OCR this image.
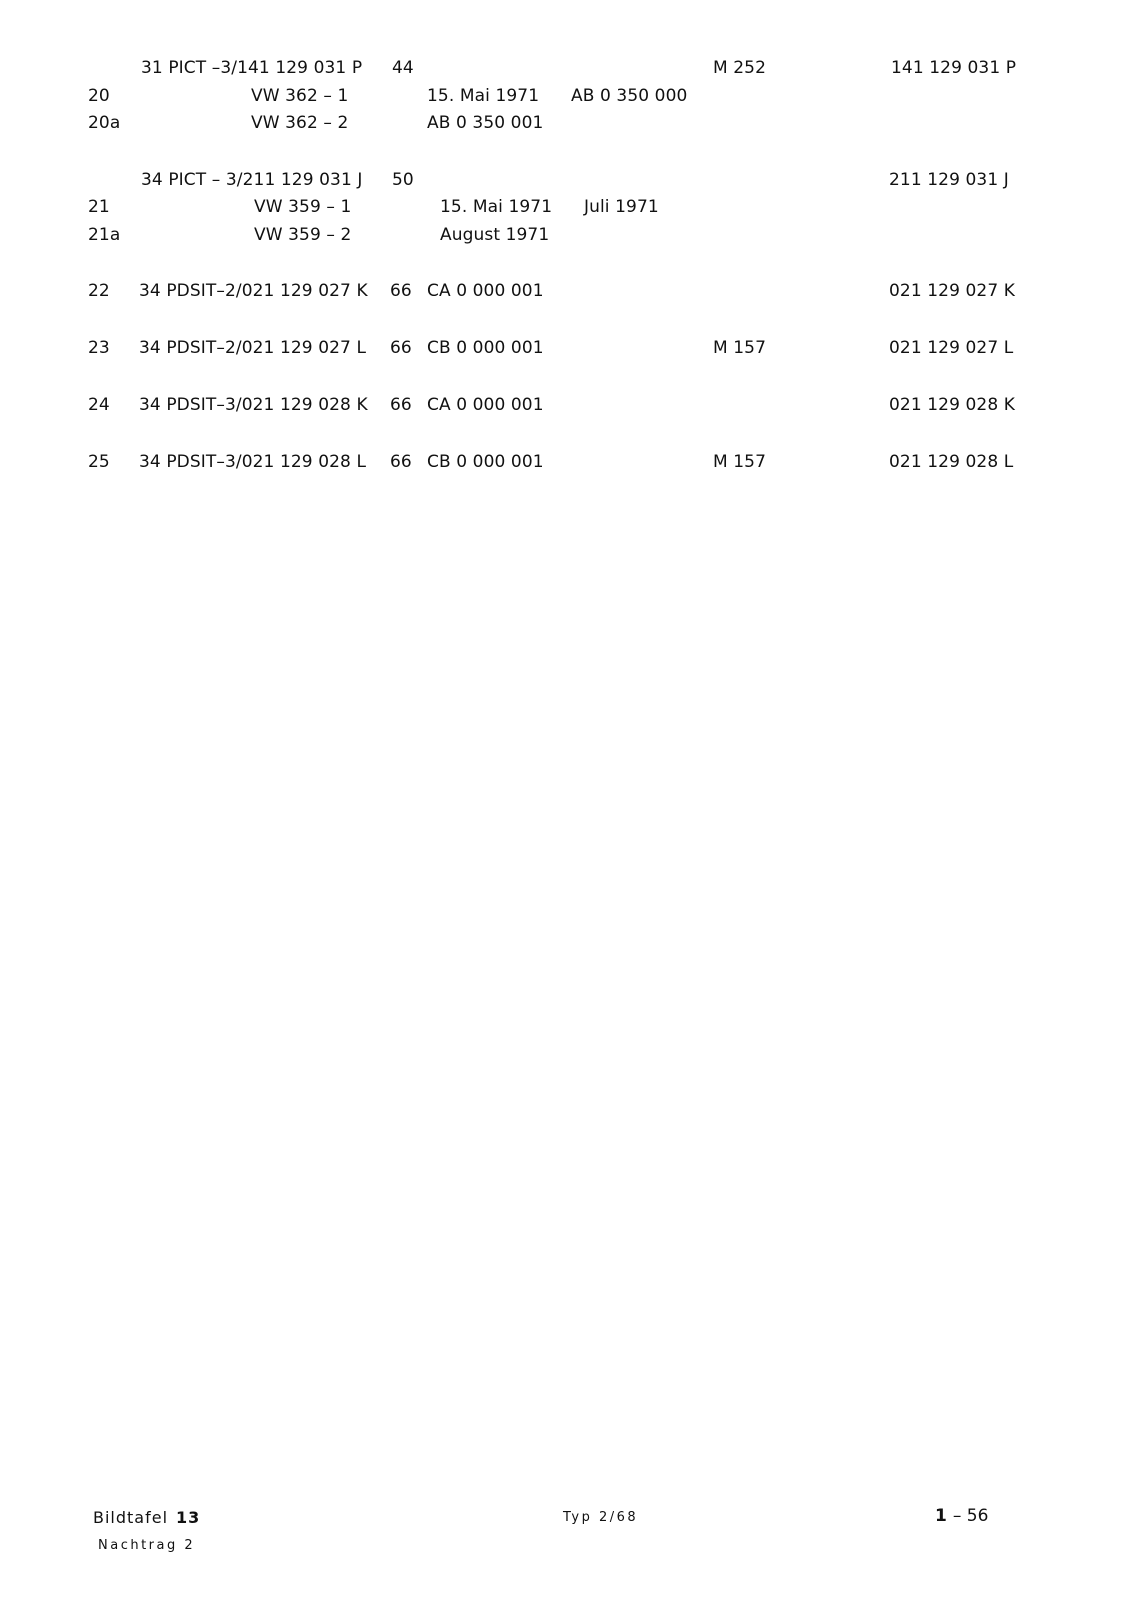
31 PICT –3/141 129 031 P 44	M 252	141 129 031 P
20	VW 362 – 1	15. Mai 1971 AB 0 350 000
20a	VW 362 – 2	AB 0 350 001
34 PICT – 3/211 129 031 J 50	211 129 031 J
21	VW 359 – 1	15. Mai 1971 Juli 1971
21a	VW 359 – 2	August 1971
22 34 PDSIT–2/021 129 027 K 66 CA 0 000 001	021 129 027 K
23 34 PDSIT–2/021 129 027 L 66 CB 0 000 001	M 157	021 129 027 L
24 34 PDSIT–3/021 129 028 K 66 CA 0 000 001	021 129 028 K
25 34 PDSIT–3/021 129 028 L 66 CB 0 000 001	M 157	021 129 028 L
Bildtafel 13
Nachtrag 2
Typ 2/68	1 – 56
